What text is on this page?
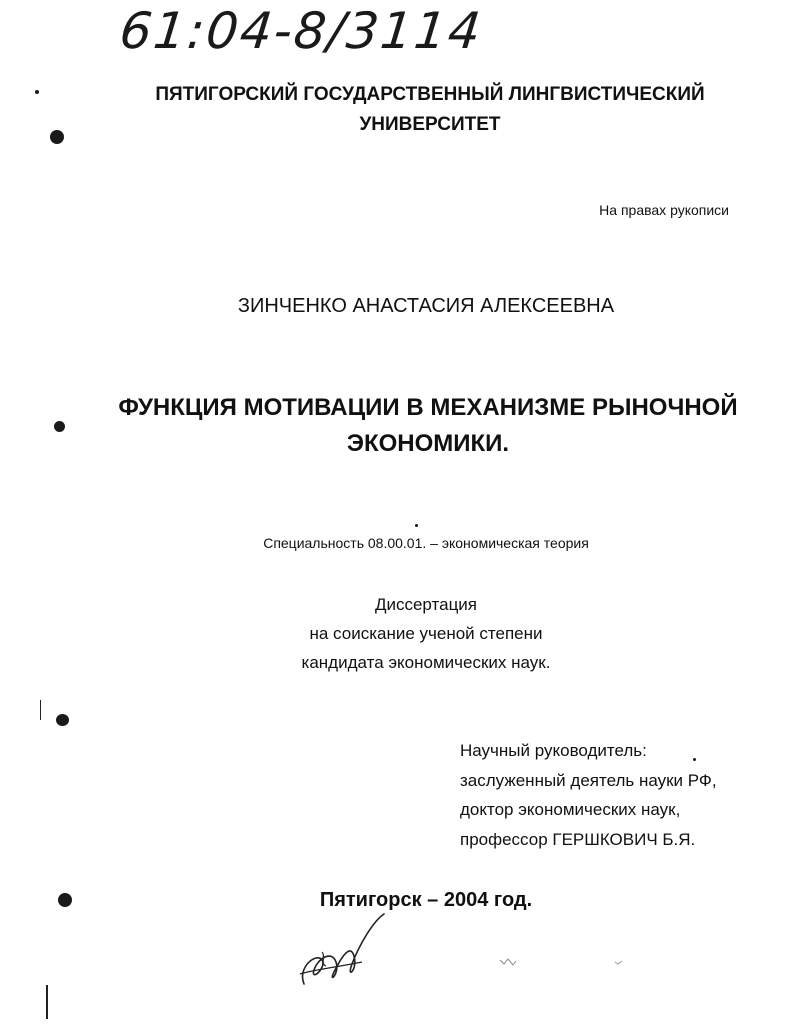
61:04-8/3114
ПЯТИГОРСКИЙ ГОСУДАРСТВЕННЫЙ ЛИНГВИСТИЧЕСКИЙ
УНИВЕРСИТЕТ
На правах рукописи
ЗИНЧЕНКО АНАСТАСИЯ АЛЕКСЕЕВНА
ФУНКЦИЯ МОТИВАЦИИ В МЕХАНИЗМЕ РЫНОЧНОЙ
ЭКОНОМИКИ.
Специальность 08.00.01. – экономическая теория
Диссертация
на соискание ученой степени
кандидата экономических наук.
Научный руководитель:
заслуженный деятель науки РФ,
доктор экономических наук,
профессор ГЕРШКОВИЧ Б.Я.
Пятигорск – 2004 год.
